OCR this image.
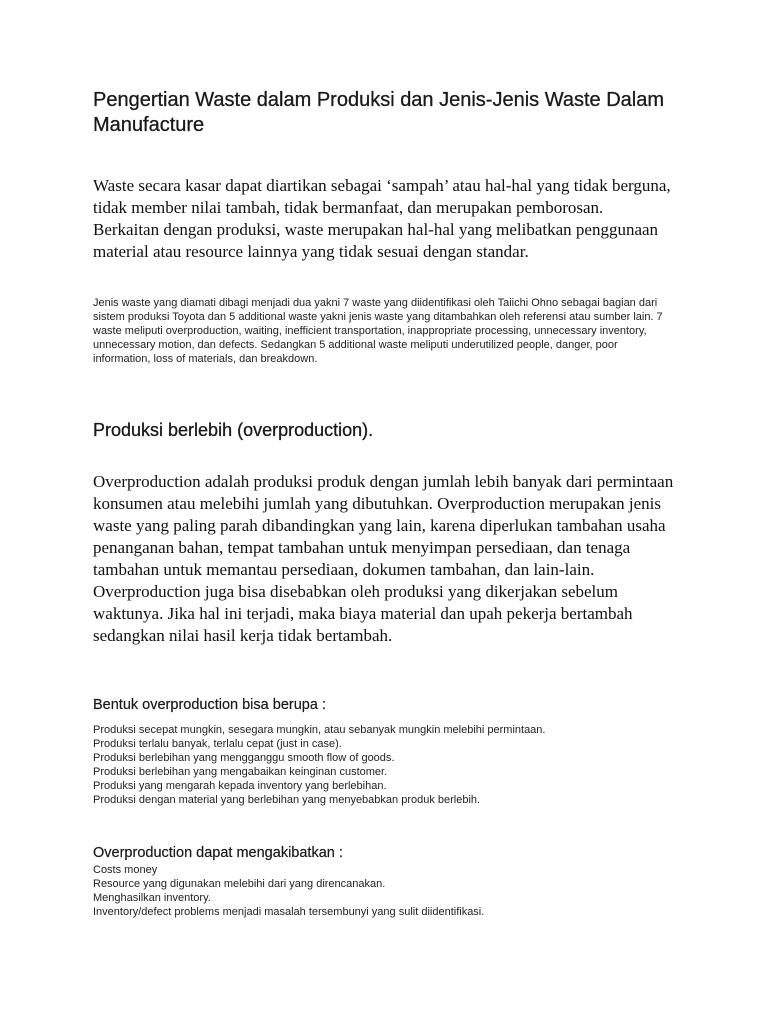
Pengertian Waste dalam Produksi dan Jenis-Jenis Waste Dalam Manufacture

Waste secara kasar dapat diartikan sebagai ‘sampah’ atau hal-hal yang tidak berguna, tidak member nilai tambah, tidak bermanfaat, dan merupakan pemborosan. Berkaitan dengan produksi, waste merupakan hal-hal yang melibatkan penggunaan material atau resource lainnya yang tidak sesuai dengan standar.

Jenis waste yang diamati dibagi menjadi dua yakni 7 waste yang diidentifikasi oleh Taiichi Ohno sebagai bagian dari sistem produksi Toyota dan 5 additional waste yakni jenis waste yang ditambahkan oleh referensi atau sumber lain. 7 waste meliputi overproduction, waiting, inefficient transportation, inappropriate processing, unnecessary inventory, unnecessary motion, dan defects. Sedangkan 5 additional waste meliputi underutilized people, danger, poor information, loss of materials, dan breakdown.

Produksi berlebih (overproduction).

Overproduction adalah produksi produk dengan jumlah lebih banyak dari permintaan konsumen atau melebihi jumlah yang dibutuhkan. Overproduction merupakan jenis waste yang paling parah dibandingkan yang lain, karena diperlukan tambahan usaha penanganan bahan, tempat tambahan untuk menyimpan persediaan, dan tenaga tambahan untuk memantau persediaan, dokumen tambahan, dan lain-lain. Overproduction juga bisa disebabkan oleh produksi yang dikerjakan sebelum waktunya. Jika hal ini terjadi, maka biaya material dan upah pekerja bertambah sedangkan nilai hasil kerja tidak bertambah.

Bentuk overproduction bisa berupa :
Produksi secepat mungkin, sesegara mungkin, atau sebanyak mungkin melebihi permintaan.
Produksi terlalu banyak, terlalu cepat (just in case).
Produksi berlebihan yang mengganggu smooth flow of goods.
Produksi berlebihan yang mengabaikan keinginan customer.
Produksi yang mengarah kepada inventory yang berlebihan.
Produksi dengan material yang berlebihan yang menyebabkan produk berlebih.
Overproduction dapat mengakibatkan :
Costs money
Resource yang digunakan melebihi dari yang direncanakan.
Menghasilkan inventory.
Inventory/defect problems menjadi masalah tersembunyi yang sulit diidentifikasi.
